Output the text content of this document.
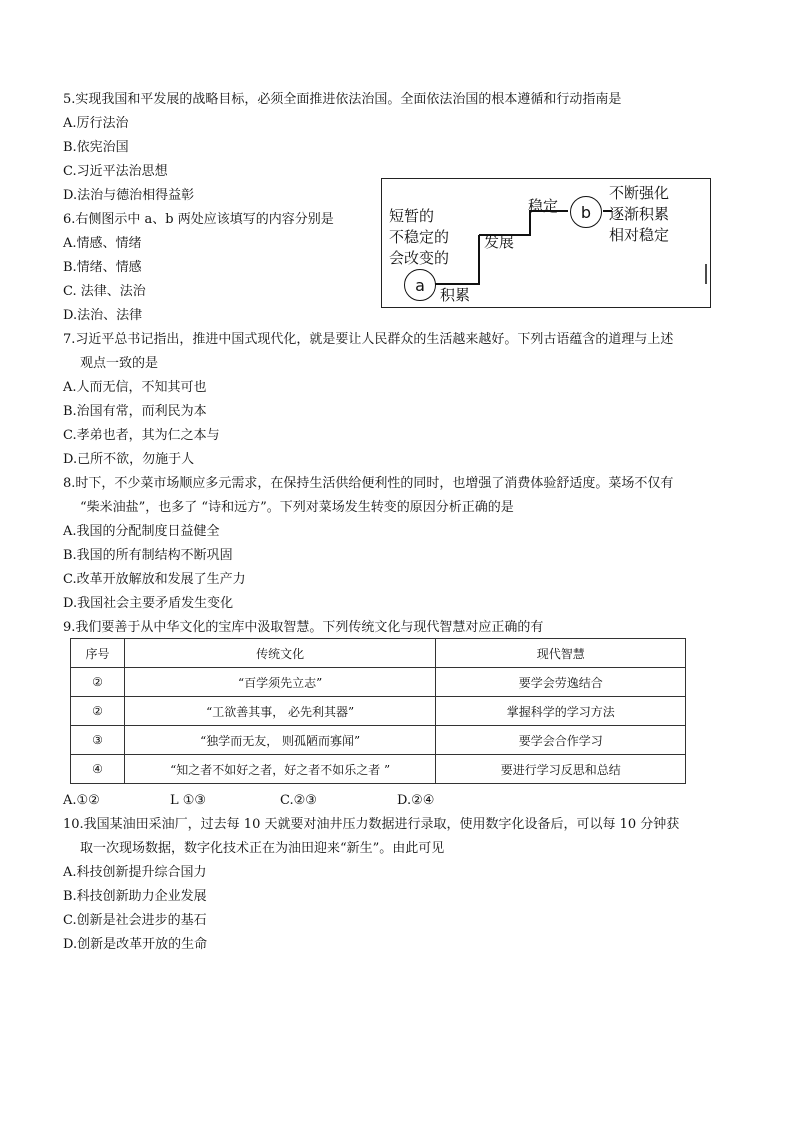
5.实现我国和平发展的战略目标，必须全面推进依法治国。全面依法治国的根本遵循和行动指南是
A.厉行法治
B.依宪治国
C.习近平法治思想
D.法治与德治相得益彰
6.右侧图示中 a、b 两处应该填写的内容分别是
A.情感、情绪
B.情绪、情感
C. 法律、法治
D.法治、法律
短暂的
不稳定的
会改变的
a	积累
发展
稳定	b
不断强化
逐渐积累
相对稳定
7.习近平总书记指出，推进中国式现代化，就是要让人民群众的生活越来越好。下列古语蕴含的道理与上述
观点一致的是
A.人而无信，不知其可也
B.治国有常，而利民为本
C.孝弟也者，其为仁之本与
D.己所不欲，勿施于人
8.时下，不少菜市场顺应多元需求，在保持生活供给便利性的同时，也增强了消费体验舒适度。菜场不仅有
“柴米油盐”，也多了 “诗和远方”。下列对菜场发生转变的原因分析正确的是
A.我国的分配制度日益健全
B.我国的所有制结构不断巩固
C.改革开放解放和发展了生产力
D.我国社会主要矛盾发生变化
9.我们要善于从中华文化的宝库中汲取智慧。下列传统文化与现代智慧对应正确的有
序号	传统文化	现代智慧
②	“百学须先立志”	要学会劳逸结合
②	“工欲善其事， 必先利其器”	掌握科学的学习方法
③	“独学而无友， 则孤陋而寡闻”	要学会合作学习
④	“知之者不如好之者，好之者不如乐之者 ”	要进行学习反思和总结
A.①②	L ①③	C.②③	D.②④
10.我国某油田采油厂，过去每 10 天就要对油井压力数据进行录取，使用数字化设备后，可以每 10 分钟获
取一次现场数据，数字化技术正在为油田迎来“新生”。由此可见
A.科技创新提升综合国力
B.科技创新助力企业发展
C.创新是社会进步的基石
D.创新是改革开放的生命
